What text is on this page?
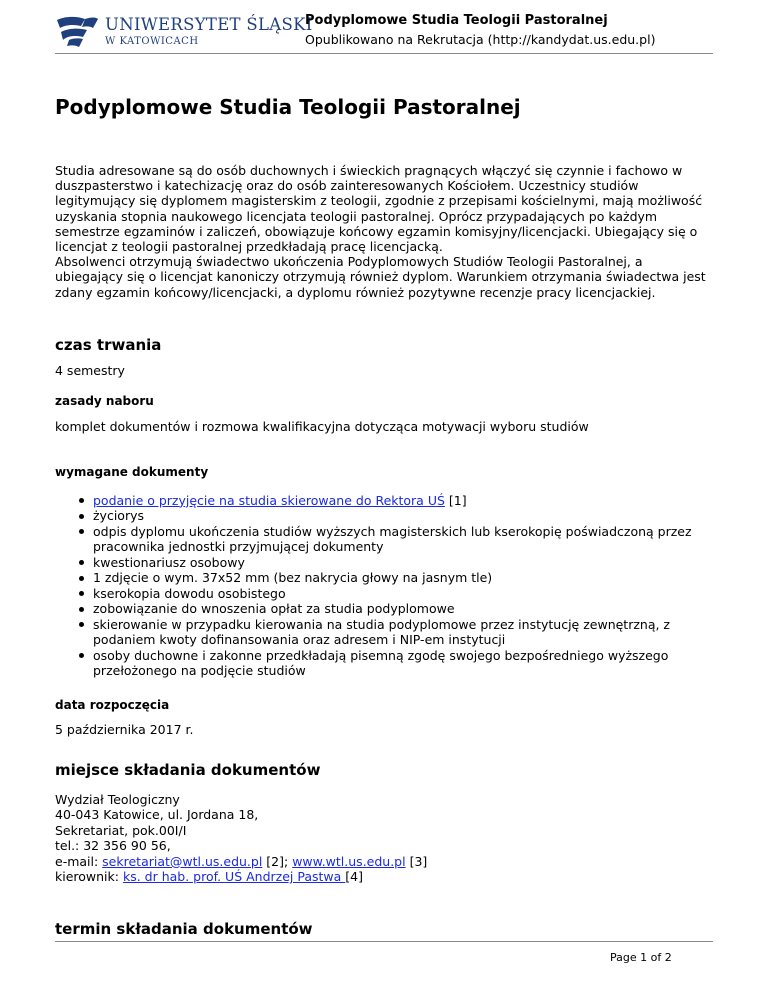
UNIWERSYTET ŚLĄSKI
W KATOWICACH
Podyplomowe Studia Teologii Pastoralnej
Opublikowano na Rekrutacja (http://kandydat.us.edu.pl)
Podyplomowe Studia Teologii Pastoralnej

Studia adresowane są do osób duchownych i świeckich pragnących włączyć się czynnie i fachowo w duszpasterstwo i katechizację oraz do osób zainteresowanych Kościołem. Uczestnicy studiów legitymujący się dyplomem magisterskim z teologii, zgodnie z przepisami kościelnymi, mają możliwość uzyskania stopnia naukowego licencjata teologii pastoralnej. Oprócz przypadających po każdym semestrze egzaminów i zaliczeń, obowiązuje końcowy egzamin komisyjny/licencjacki. Ubiegający się o licencjat z teologii pastoralnej przedkładają pracę licencjacką.

Absolwenci otrzymują świadectwo ukończenia Podyplomowych Studiów Teologii Pastoralnej, a ubiegający się o licencjat kanoniczy otrzymują również dyplom. Warunkiem otrzymania świadectwa jest zdany egzamin końcowy/licencjacki, a dyplomu również pozytywne recenzje pracy licencjackiej.

czas trwania

4 semestry

zasady naboru

komplet dokumentów i rozmowa kwalifikacyjna dotycząca motywacji wyboru studiów

wymagane dokumenty
podanie o przyjęcie na studia skierowane do Rektora UŚ [1]
życiorys
odpis dyplomu ukończenia studiów wyższych magisterskich lub kserokopię poświadczoną przez pracownika jednostki przyjmującej dokumenty
kwestionariusz osobowy
1 zdjęcie o wym. 37x52 mm (bez nakrycia głowy na jasnym tle)
kserokopia dowodu osobistego
zobowiązanie do wnoszenia opłat za studia podyplomowe
skierowanie w przypadku kierowania na studia podyplomowe przez instytucję zewnętrzną, z podaniem kwoty dofinansowania oraz adresem i NIP-em instytucji
osoby duchowne i zakonne przedkładają pisemną zgodę swojego bezpośredniego wyższego przełożonego na podjęcie studiów
data rozpoczęcia

5 października 2017 r.

miejsce składania dokumentów

Wydział Teologiczny

40-043 Katowice, ul. Jordana 18,

Sekretariat, pok.00I/I

tel.: 32 356 90 56,

e-mail: sekretariat@wtl.us.edu.pl [2]; www.wtl.us.edu.pl [3]

kierownik: ks. dr hab. prof. UŚ Andrzej Pastwa [4]

termin składania dokumentów
Page 1 of 2
